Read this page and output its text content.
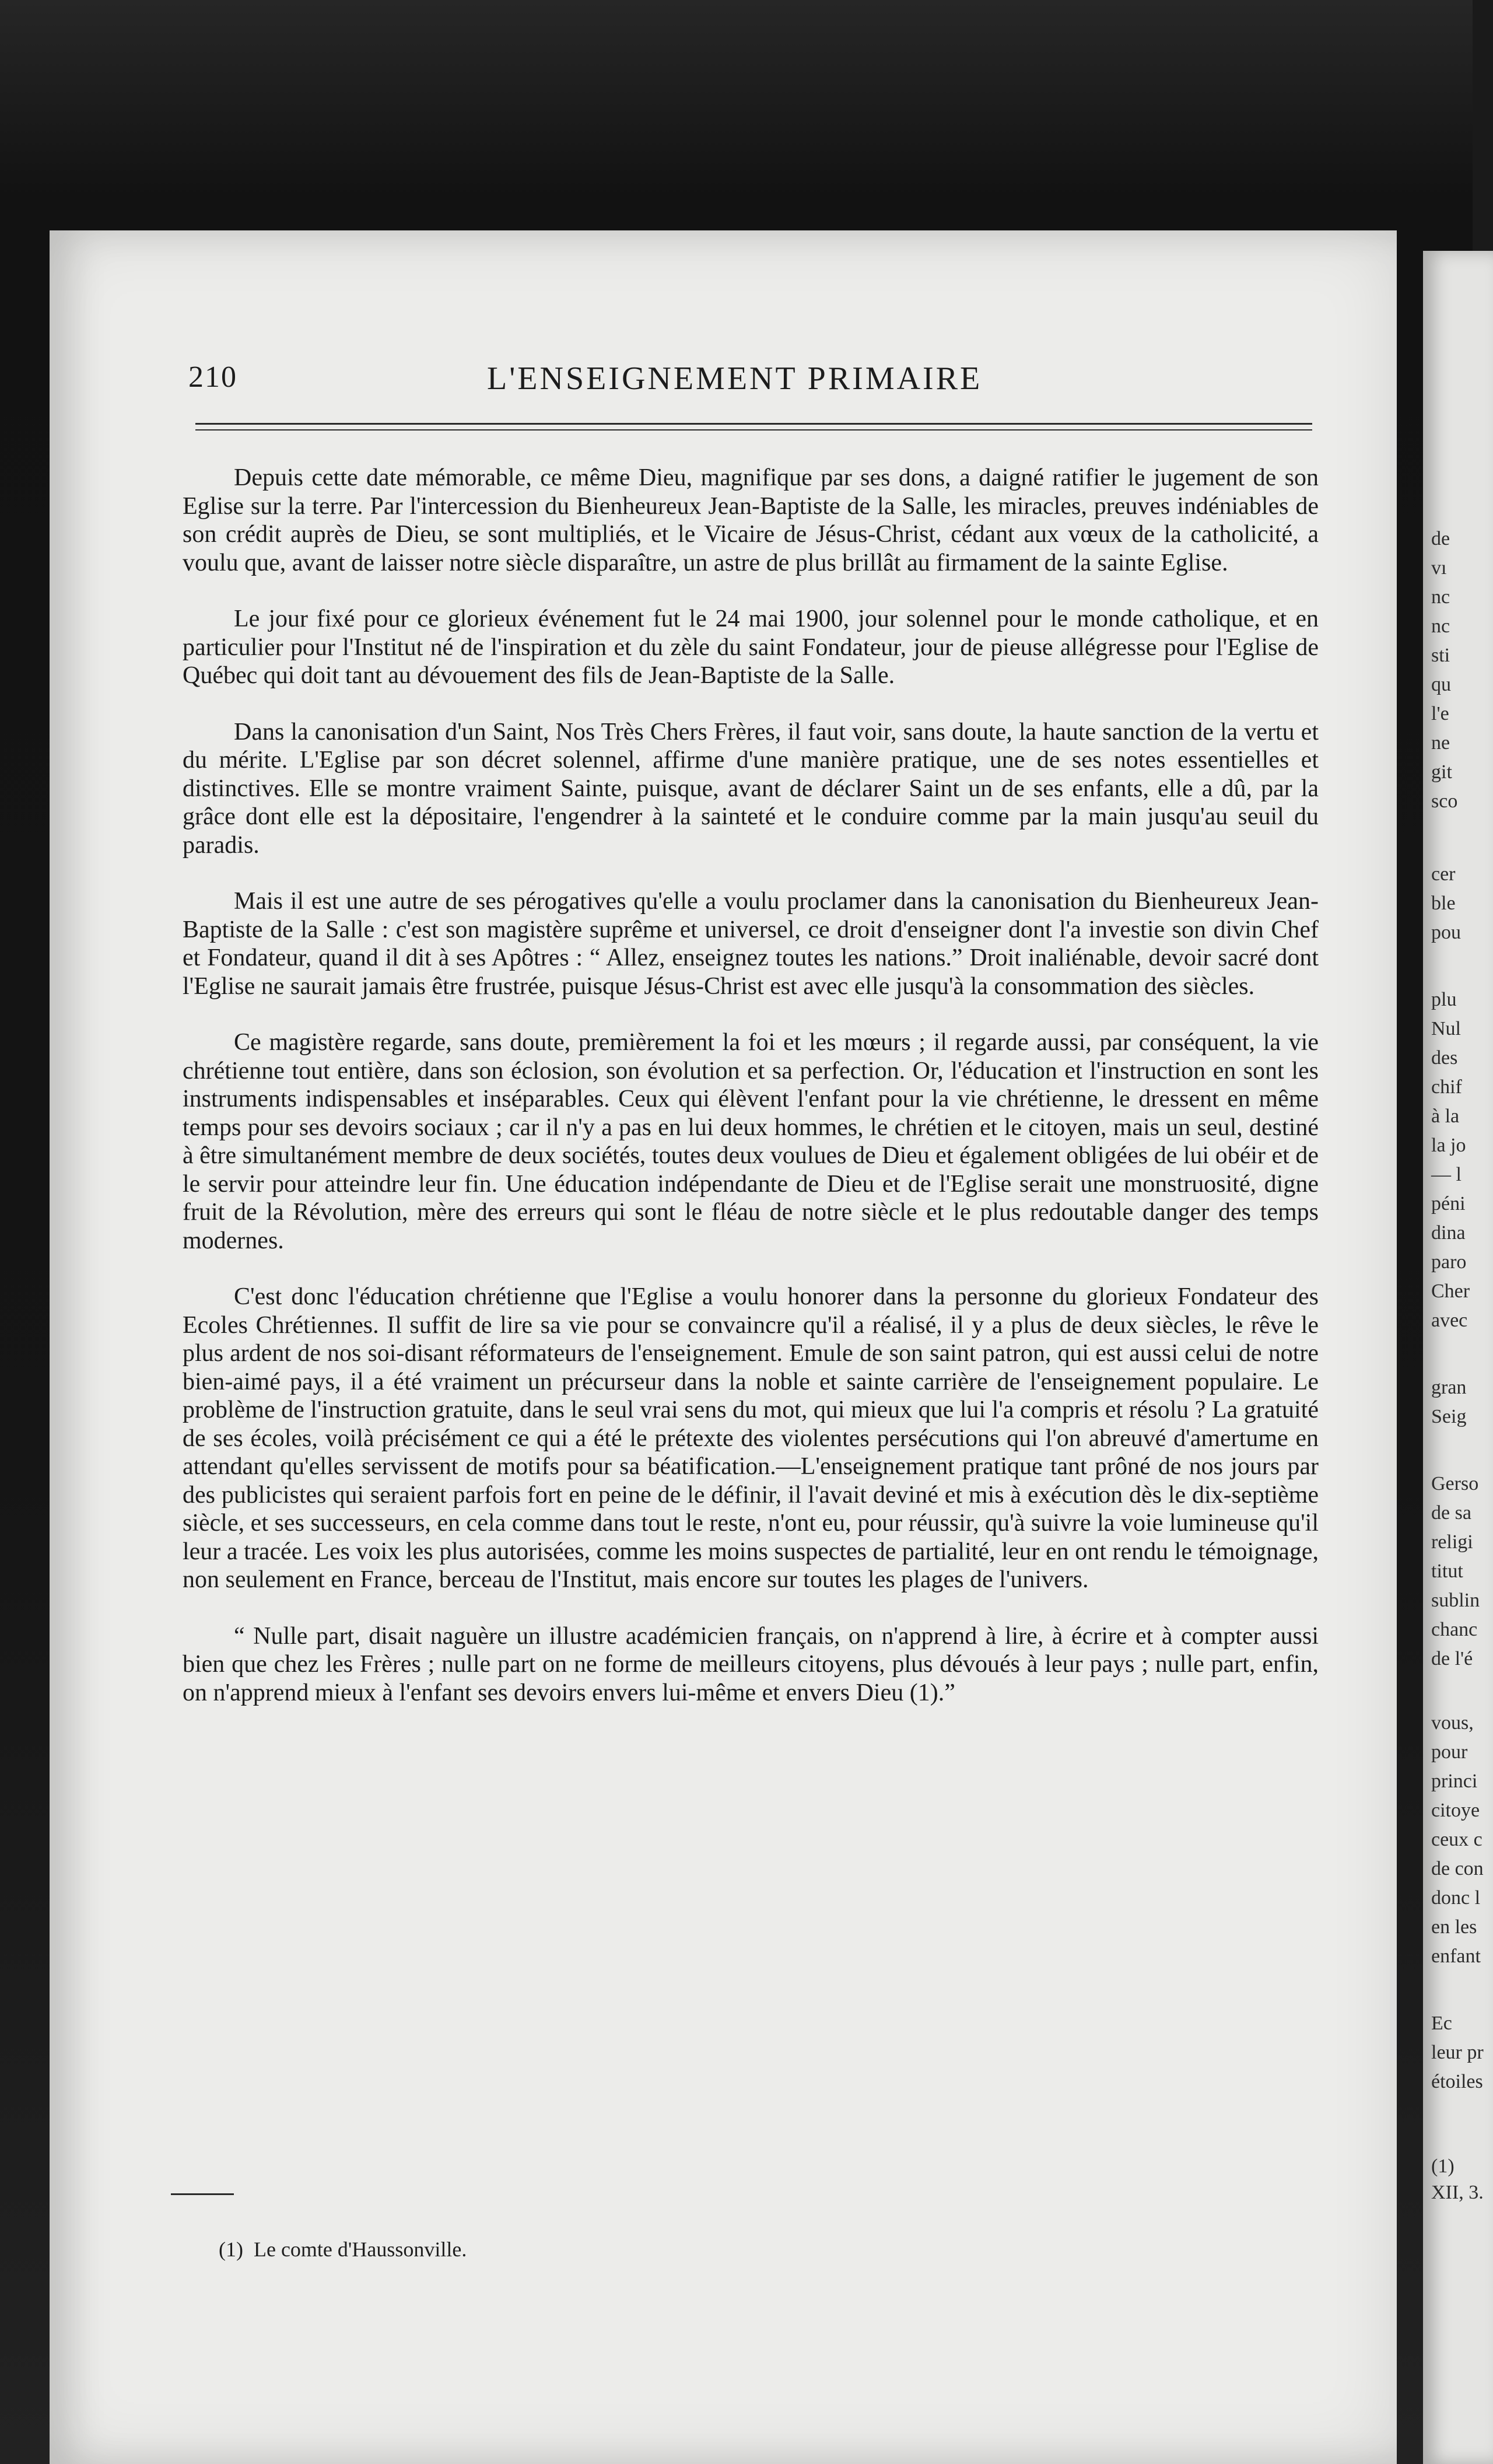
de
vı
nc
nc
sti
qu
l'e
ne
git
sco
cer
ble
pou
plu
Nul
des
chif
à la
la jo
— l
péni
dina
paro
Cher
avec
gran
Seig
Gerso
de sa
religi
titut
sublin
chanc
de l'é
vous,
pour
princi
citoye
ceux c
de con
donc l
en les
enfant
Ec
leur pr
étoiles
(1)
XII, 3.
210	L'ENSEIGNEMENT PRIMAIRE

Depuis cette date mémorable, ce même Dieu, magnifique par ses dons, a daigné ratifier le jugement de son Eglise sur la terre. Par l'intercession du Bienheureux Jean-Baptiste de la Salle, les miracles, preuves indéniables de son crédit auprès de Dieu, se sont multipliés, et le Vicaire de Jésus-Christ, cédant aux vœux de la catholicité, a voulu que, avant de laisser notre siècle disparaître, un astre de plus brillât au firmament de la sainte Eglise.

Le jour fixé pour ce glorieux événement fut le 24 mai 1900, jour solennel pour le monde catholique, et en particulier pour l'Institut né de l'inspiration et du zèle du saint Fondateur, jour de pieuse allégresse pour l'Eglise de Québec qui doit tant au dévouement des fils de Jean-Baptiste de la Salle.

Dans la canonisation d'un Saint, Nos Très Chers Frères, il faut voir, sans doute, la haute sanction de la vertu et du mérite. L'Eglise par son décret solennel, affirme d'une manière pratique, une de ses notes essentielles et distinctives. Elle se montre vraiment Sainte, puisque, avant de déclarer Saint un de ses enfants, elle a dû, par la grâce dont elle est la dépositaire, l'engendrer à la sainteté et le conduire comme par la main jusqu'au seuil du paradis.

Mais il est une autre de ses pérogatives qu'elle a voulu proclamer dans la canonisation du Bienheureux Jean-Baptiste de la Salle : c'est son magistère suprême et universel, ce droit d'enseigner dont l'a investie son divin Chef et Fondateur, quand il dit à ses Apôtres : “ Allez, enseignez toutes les nations.” Droit inaliénable, devoir sacré dont l'Eglise ne saurait jamais être frustrée, puisque Jésus-Christ est avec elle jusqu'à la consommation des siècles.

Ce magistère regarde, sans doute, premièrement la foi et les mœurs ; il regarde aussi, par conséquent, la vie chrétienne tout entière, dans son éclosion, son évolution et sa perfection. Or, l'éducation et l'instruction en sont les instruments indispensables et inséparables. Ceux qui élèvent l'enfant pour la vie chrétienne, le dressent en même temps pour ses devoirs sociaux ; car il n'y a pas en lui deux hommes, le chrétien et le citoyen, mais un seul, destiné à être simultanément membre de deux sociétés, toutes deux voulues de Dieu et également obligées de lui obéir et de le servir pour atteindre leur fin. Une éducation indépendante de Dieu et de l'Eglise serait une monstruosité, digne fruit de la Révolution, mère des erreurs qui sont le fléau de notre siècle et le plus redoutable danger des temps modernes.

C'est donc l'éducation chrétienne que l'Eglise a voulu honorer dans la personne du glorieux Fondateur des Ecoles Chrétiennes. Il suffit de lire sa vie pour se convaincre qu'il a réalisé, il y a plus de deux siècles, le rêve le plus ardent de nos soi-disant réformateurs de l'enseignement. Emule de son saint patron, qui est aussi celui de notre bien-aimé pays, il a été vraiment un précurseur dans la noble et sainte carrière de l'enseignement populaire. Le problème de l'instruction gratuite, dans le seul vrai sens du mot, qui mieux que lui l'a compris et résolu ? La gratuité de ses écoles, voilà précisément ce qui a été le prétexte des violentes persécutions qui l'on abreuvé d'amertume en attendant qu'elles servissent de motifs pour sa béatification.—L'enseignement pratique tant prôné de nos jours par des publicistes qui seraient parfois fort en peine de le définir, il l'avait deviné et mis à exécution dès le dix-septième siècle, et ses successeurs, en cela comme dans tout le reste, n'ont eu, pour réussir, qu'à suivre la voie lumineuse qu'il leur a tracée. Les voix les plus autorisées, comme les moins suspectes de partialité, leur en ont rendu le témoignage, non seulement en France, berceau de l'Institut, mais encore sur toutes les plages de l'univers.

“ Nulle part, disait naguère un illustre académicien français, on n'apprend à lire, à écrire et à compter aussi bien que chez les Frères ; nulle part on ne forme de meilleurs citoyens, plus dévoués à leur pays ; nulle part, enfin, on n'apprend mieux à l'enfant ses devoirs envers lui-même et envers Dieu (1).”

(1) Le comte d'Haussonville.
